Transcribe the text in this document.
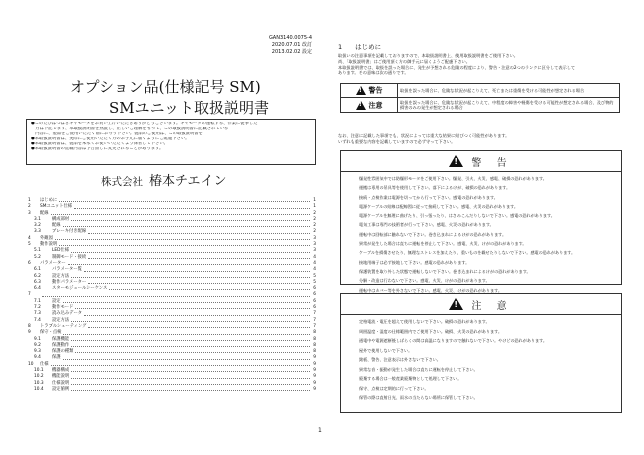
GAN3140.0075-4
2020.07.01 改訂
2013.02.02 設定
オプション品(仕様記号 SM)
SMユニット取扱説明書
●このたびはつばきギヤモータをお買い上げいただきありがとうございます。ギヤモータの運転する、作業に従事した
　方は下記でまず、本取扱説明書を熟読し、正しいご理解をもって、この取扱説明書に記載されている
　内容に、製品をご使用いただく前にお守り下さい。製品のご使用は、この取扱説明書を
●本取扱説明書は、実際にご使用いただく方のお手元に届くようにご配慮下さい。
●本取扱説明書は、製品を末永くお使いいただくよう保管して下さい。
●本取扱説明書の記載内容は予告無しに変更されることがあります。
株式会社 椿本チエイン
1	はじめに	1
2	SMユニット仕様	1
3	配線	2
3.1	構成部材	2
3.2	配線	2
3.3	ブレーキ付き配線	2
4	外観図	3
5	動作説明	3
5.1	LED仕様	3
5.2	制御モード・接続	4
6	パラメーター	4
6.1	パラメーター覧	4
6.2	設定方法	5
6.3	動作パラメーター	5
6.4	スターモジュールシーケンス	6
7	6
7.1	設定	6
7.2	動作モード	6
7.3	読み込みデータ	7
7.4	設定方法	7
8	トラブルシューティング	7
9	保守・点検	8
9.1	保護機能	8
9.2	保護動作	8
9.3	保護の種類	8
9.4	保護	9
10	仕様	9
10.1	機器構成	9
10.2	機能説明	9
10.3	仕様説明	9
10.4	設定値例	9
1　　はじめに
取扱いの注意事項を記載しておりますので、本取扱説明書上、使用取扱説明書をご使用下さい。
尚、「取扱説明書」はご使用頂く方の御手元に届くようご配慮下さい。
本取扱説明書では、取扱を誤った場合に、発生が予想される危険の程度により、警告・注意の2つのランクに区分して表示して
あります。その意味は次の通りです。
!警告	取扱を誤った場合に、危険な状況が起こりえて、死亡または重傷を受ける可能性が想定される場合
!注意	取扱を誤った場合に、危険な状況が起こりえて、中程度の障害や軽傷を受ける可能性が想定される場合、及び物的損害のみの発生が想定される場合
なお、注意に記載した事項でも、状況によっては重大な結果に結びつく可能性があります。
いずれも重要な内容を記載していますので必ず守って下さい。
!
警 告
● 爆発性雰囲気中では防爆形モータをご使用下さい。爆発、引火、火災、感電、破損の恐れがあります。
● 運搬は専用の吊具等を使用して下さい。落下によるけが、破損の恐れがあります。
● 接続・点検作業は電源を切ってから行って下さい。感電の恐れがあります。
● 電源ケーブルの結線は配線図に従って接続して下さい。感電、火災の恐れがあります。
● 電源ケーブルを無理に曲げたり、引っ張ったり、はさみこんだりしないで下さい。感電の恐れがあります。
● 電気工事は専門の技術者が行って下さい。感電、火災の恐れがあります。
● 運転中は回転部に触れないで下さい。巻き込まれによるけがの恐れがあります。
● 異常が発生した場合は直ちに運転を停止して下さい。感電、火災、けがの恐れがあります。
● ケーブルを損傷させたり、無理なストレスを加えたり、重いものを載せたりしないで下さい。感電の恐れがあります。
● 接地用端子は必ず接地して下さい。感電の恐れがあります。
● 保護装置を取り外した状態で運転しないで下さい。巻き込まれによるけがの恐れがあります。
● 分解・改造は行わないで下さい。感電、火災、けがの恐れがあります。
● 運転中はカバー等を外さないで下さい。感電、火災、けがの恐れがあります。
!
注 意
● 定格電流・電圧を超えて使用しないで下さい。破損の恐れがあります。
● 周囲温度・湿度の仕様範囲内でご使用下さい。破損、火災の恐れがあります。
● 通電中や電源遮断後しばらくの間は高温になりますので触れないで下さい。やけどの恐れがあります。
● 屋外で使用しないで下さい。
● 銘板、警告、注意表示は外さないで下さい。
● 異常な音・振動が発生した場合は直ちに運転を停止して下さい。
● 廃棄する場合は一般産業廃棄物として処理して下さい。
● 保守、点検は定期的に行って下さい。
● 保管の際は直射日光、雨水の当たらない場所に保管して下さい。
1
